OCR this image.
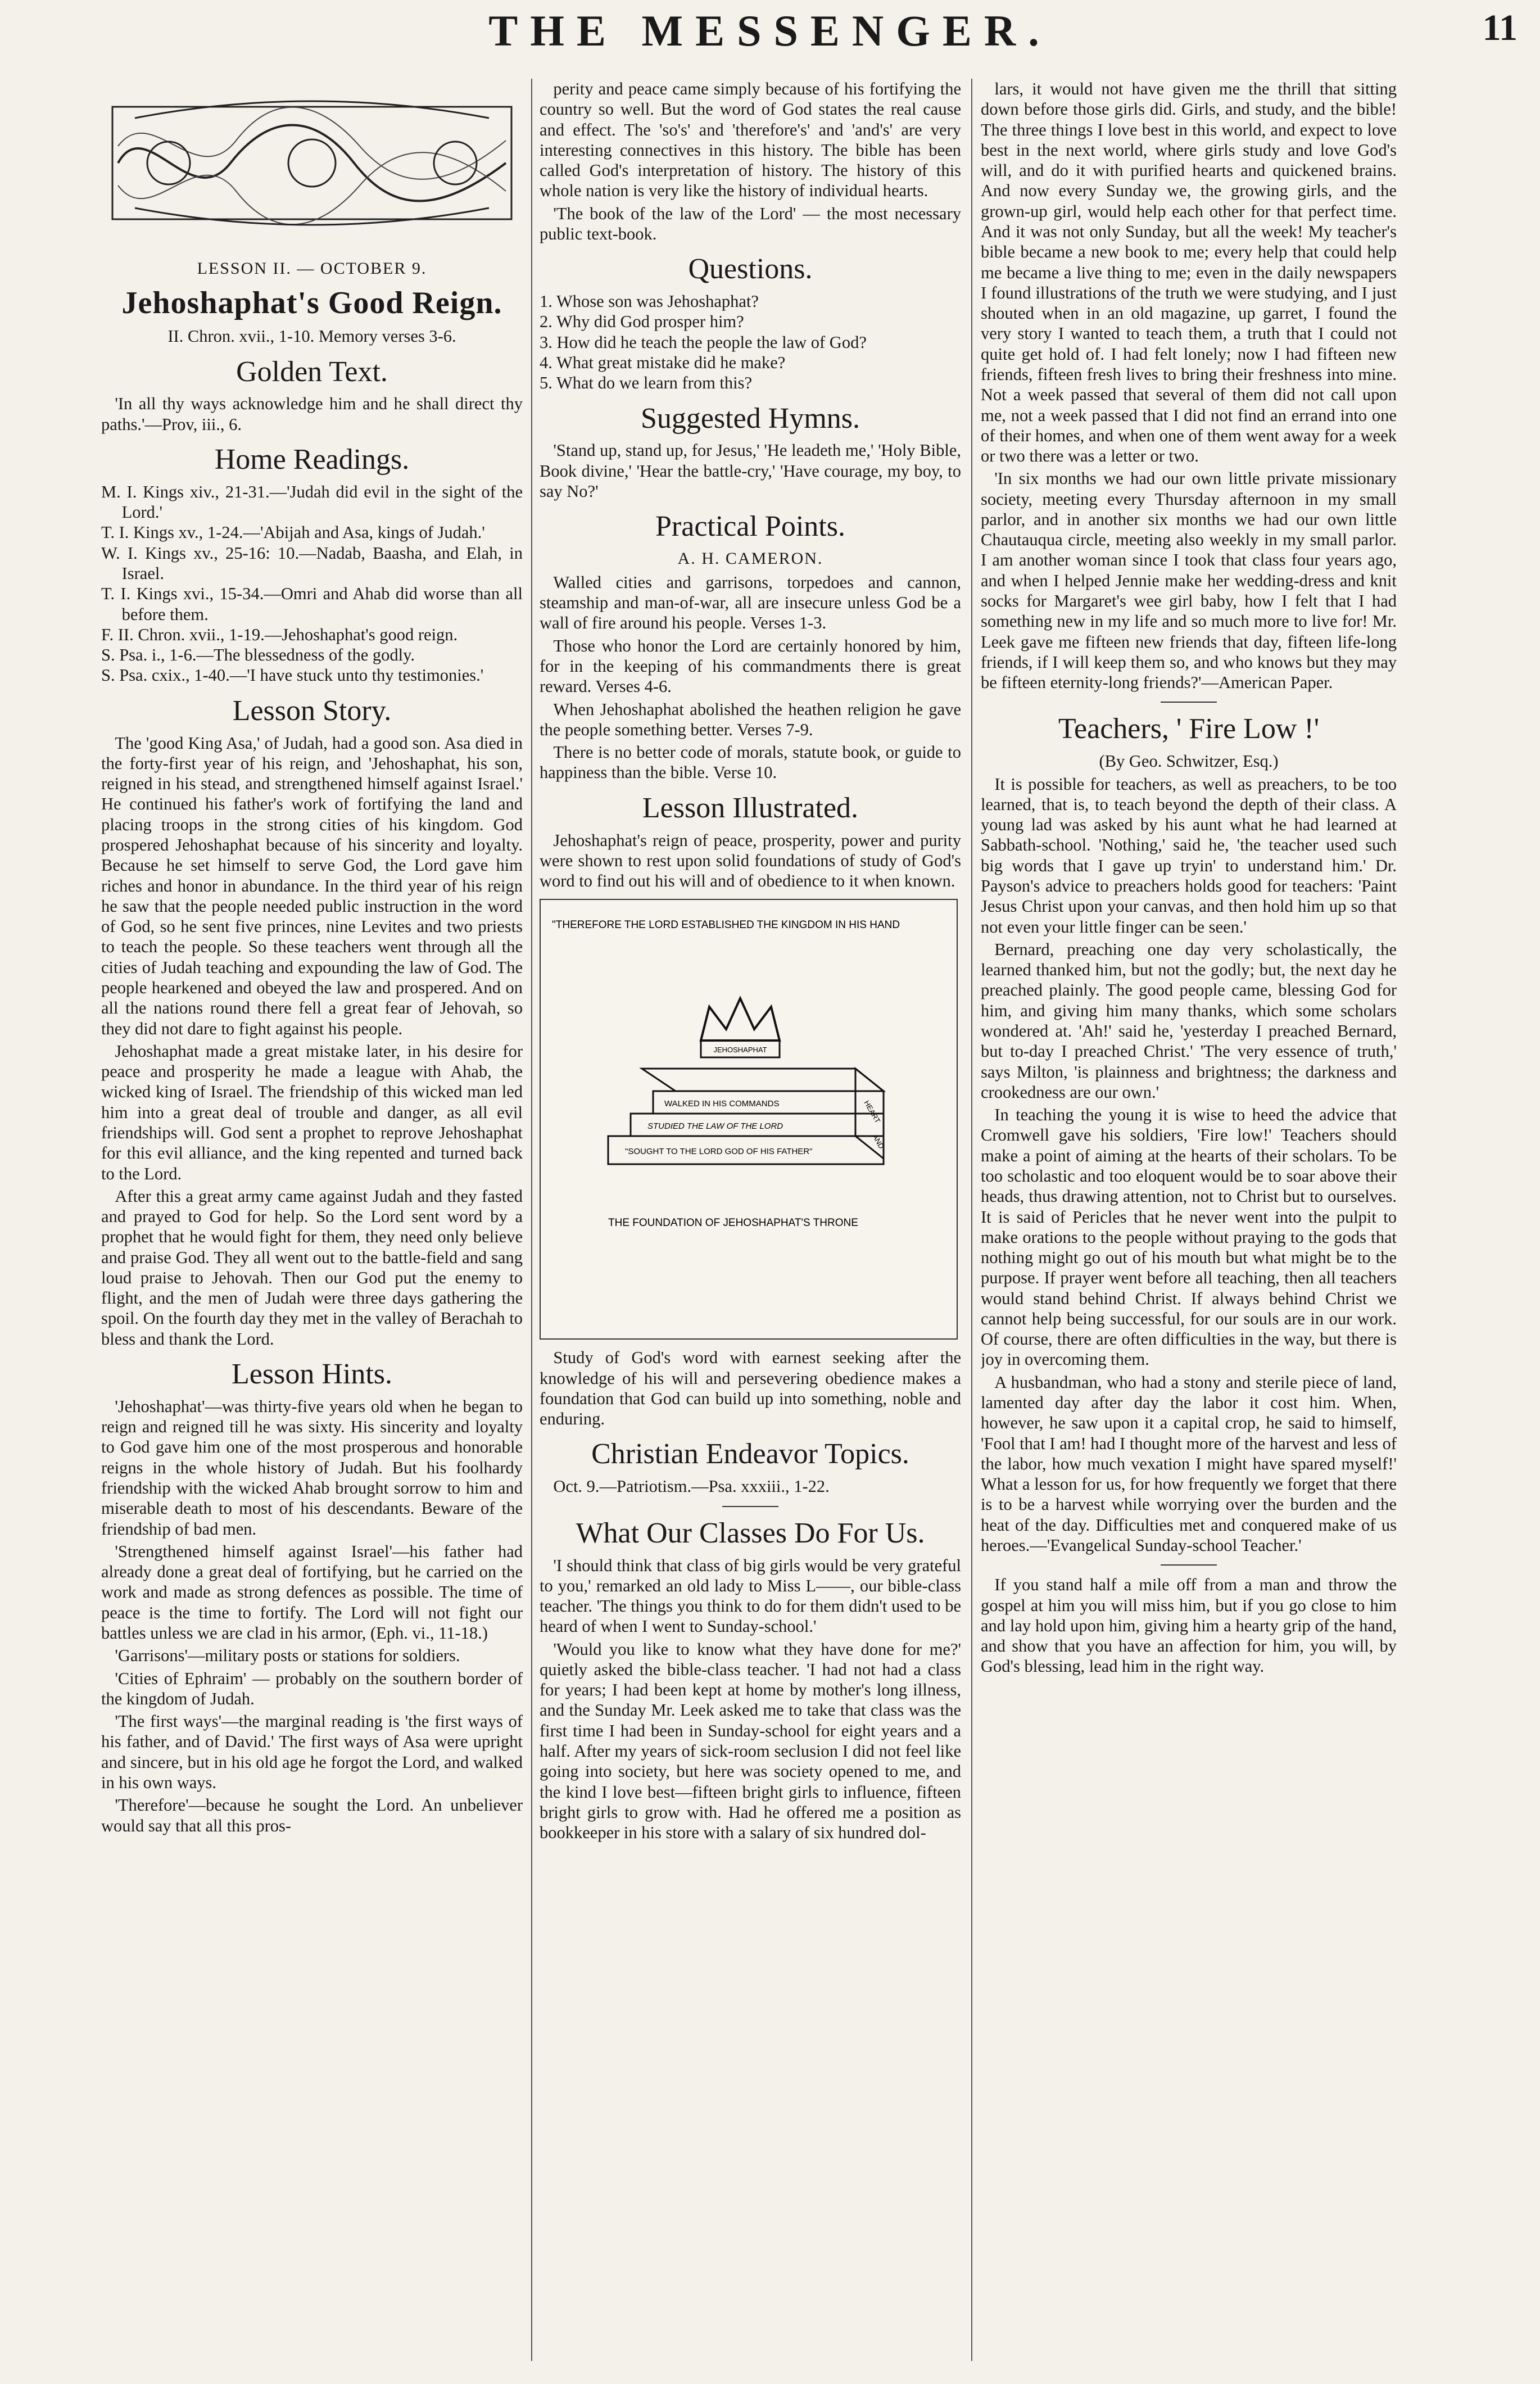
THE MESSENGER.	11
LESSON II. — OCTOBER 9.
Jehoshaphat's Good Reign.

II. Chron. xvii., 1-10. Memory verses 3-6.

Golden Text.

'In all thy ways acknowledge him and he shall direct thy paths.'—Prov, iii., 6.

Home Readings.

M. I. Kings xiv., 21-31.—'Judah did evil in the sight of the Lord.'

T. I. Kings xv., 1-24.—'Abijah and Asa, kings of Judah.'

W. I. Kings xv., 25-16: 10.—Nadab, Baasha, and Elah, in Israel.

T. I. Kings xvi., 15-34.—Omri and Ahab did worse than all before them.

F. II. Chron. xvii., 1-19.—Jehoshaphat's good reign.

S. Psa. i., 1-6.—The blessedness of the godly.

S. Psa. cxix., 1-40.—'I have stuck unto thy testimonies.'

Lesson Story.

The 'good King Asa,' of Judah, had a good son. Asa died in the forty-first year of his reign, and 'Jehoshaphat, his son, reigned in his stead, and strengthened himself against Israel.' He continued his father's work of fortifying the land and placing troops in the strong cities of his kingdom. God prospered Jehoshaphat because of his sincerity and loyalty. Because he set himself to serve God, the Lord gave him riches and honor in abundance. In the third year of his reign he saw that the people needed public instruction in the word of God, so he sent five princes, nine Levites and two priests to teach the people. So these teachers went through all the cities of Judah teaching and expounding the law of God. The people hearkened and obeyed the law and prospered. And on all the nations round there fell a great fear of Jehovah, so they did not dare to fight against his people.

Jehoshaphat made a great mistake later, in his desire for peace and prosperity he made a league with Ahab, the wicked king of Israel. The friendship of this wicked man led him into a great deal of trouble and danger, as all evil friendships will. God sent a prophet to reprove Jehoshaphat for this evil alliance, and the king repented and turned back to the Lord.

After this a great army came against Judah and they fasted and prayed to God for help. So the Lord sent word by a prophet that he would fight for them, they need only believe and praise God. They all went out to the battle-field and sang loud praise to Jehovah. Then our God put the enemy to flight, and the men of Judah were three days gathering the spoil. On the fourth day they met in the valley of Berachah to bless and thank the Lord.

Lesson Hints.

'Jehoshaphat'—was thirty-five years old when he began to reign and reigned till he was sixty. His sincerity and loyalty to God gave him one of the most prosperous and honorable reigns in the whole history of Judah. But his foolhardy friendship with the wicked Ahab brought sorrow to him and miserable death to most of his descendants. Beware of the friendship of bad men.

'Strengthened himself against Israel'—his father had already done a great deal of fortifying, but he carried on the work and made as strong defences as possible. The time of peace is the time to fortify. The Lord will not fight our battles unless we are clad in his armor, (Eph. vi., 11-18.)

'Garrisons'—military posts or stations for soldiers.

'Cities of Ephraim' — probably on the southern border of the kingdom of Judah.

'The first ways'—the marginal reading is 'the first ways of his father, and of David.' The first ways of Asa were upright and sincere, but in his old age he forgot the Lord, and walked in his own ways.

'Therefore'—because he sought the Lord. An unbeliever would say that all this pros-

perity and peace came simply because of his fortifying the country so well. But the word of God states the real cause and effect. The 'so's' and 'therefore's' and 'and's' are very interesting connectives in this history. The bible has been called God's interpretation of history. The history of this whole nation is very like the history of individual hearts.

'The book of the law of the Lord' — the most necessary public text-book.

Questions.

1. Whose son was Jehoshaphat?

2. Why did God prosper him?

3. How did he teach the people the law of God?

4. What great mistake did he make?

5. What do we learn from this?

Suggested Hymns.

'Stand up, stand up, for Jesus,' 'He leadeth me,' 'Holy Bible, Book divine,' 'Hear the battle-cry,' 'Have courage, my boy, to say No?'

Practical Points.
A. H. CAMERON.

Walled cities and garrisons, torpedoes and cannon, steamship and man-of-war, all are insecure unless God be a wall of fire around his people. Verses 1-3.

Those who honor the Lord are certainly honored by him, for in the keeping of his commandments there is great reward. Verses 4-6.

When Jehoshaphat abolished the heathen religion he gave the people something better. Verses 7-9.

There is no better code of morals, statute book, or guide to happiness than the bible. Verse 10.

Lesson Illustrated.

Jehoshaphat's reign of peace, prosperity, power and purity were shown to rest upon solid foundations of study of God's word to find out his will and of obedience to it when known.

"THEREFORE THE LORD ESTABLISHED THE KINGDOM IN HIS HAND
JEHOSHAPHAT
WALKED IN HIS COMMANDS
STUDIED THE LAW OF THE LORD
"SOUGHT TO THE LORD GOD OF HIS FATHER"
HEART
AND
THE FOUNDATION OF JEHOSHAPHAT'S THRONE

Study of God's word with earnest seeking after the knowledge of his will and persevering obedience makes a foundation that God can build up into something, noble and enduring.

Christian Endeavor Topics.

Oct. 9.—Patriotism.—Psa. xxxiii., 1-22.

What Our Classes Do For Us.

'I should think that class of big girls would be very grateful to you,' remarked an old lady to Miss L——, our bible-class teacher. 'The things you think to do for them didn't used to be heard of when I went to Sunday-school.'

'Would you like to know what they have done for me?' quietly asked the bible-class teacher. 'I had not had a class for years; I had been kept at home by mother's long illness, and the Sunday Mr. Leek asked me to take that class was the first time I had been in Sunday-school for eight years and a half. After my years of sick-room seclusion I did not feel like going into society, but here was society opened to me, and the kind I love best—fifteen bright girls to influence, fifteen bright girls to grow with. Had he offered me a position as bookkeeper in his store with a salary of six hundred dol-

lars, it would not have given me the thrill that sitting down before those girls did. Girls, and study, and the bible! The three things I love best in this world, and expect to love best in the next world, where girls study and love God's will, and do it with purified hearts and quickened brains. And now every Sunday we, the growing girls, and the grown-up girl, would help each other for that perfect time. And it was not only Sunday, but all the week! My teacher's bible became a new book to me; every help that could help me became a live thing to me; even in the daily newspapers I found illustrations of the truth we were studying, and I just shouted when in an old magazine, up garret, I found the very story I wanted to teach them, a truth that I could not quite get hold of. I had felt lonely; now I had fifteen new friends, fifteen fresh lives to bring their freshness into mine. Not a week passed that several of them did not call upon me, not a week passed that I did not find an errand into one of their homes, and when one of them went away for a week or two there was a letter or two.

'In six months we had our own little private missionary society, meeting every Thursday afternoon in my small parlor, and in another six months we had our own little Chautauqua circle, meeting also weekly in my small parlor. I am another woman since I took that class four years ago, and when I helped Jennie make her wedding-dress and knit socks for Margaret's wee girl baby, how I felt that I had something new in my life and so much more to live for! Mr. Leek gave me fifteen new friends that day, fifteen life-long friends, if I will keep them so, and who knows but they may be fifteen eternity-long friends?'—American Paper.

Teachers, ' Fire Low !'

(By Geo. Schwitzer, Esq.)

It is possible for teachers, as well as preachers, to be too learned, that is, to teach beyond the depth of their class. A young lad was asked by his aunt what he had learned at Sabbath-school. 'Nothing,' said he, 'the teacher used such big words that I gave up tryin' to understand him.' Dr. Payson's advice to preachers holds good for teachers: 'Paint Jesus Christ upon your canvas, and then hold him up so that not even your little finger can be seen.'

Bernard, preaching one day very scholastically, the learned thanked him, but not the godly; but, the next day he preached plainly. The good people came, blessing God for him, and giving him many thanks, which some scholars wondered at. 'Ah!' said he, 'yesterday I preached Bernard, but to-day I preached Christ.' 'The very essence of truth,' says Milton, 'is plainness and brightness; the darkness and crookedness are our own.'

In teaching the young it is wise to heed the advice that Cromwell gave his soldiers, 'Fire low!' Teachers should make a point of aiming at the hearts of their scholars. To be too scholastic and too eloquent would be to soar above their heads, thus drawing attention, not to Christ but to ourselves. It is said of Pericles that he never went into the pulpit to make orations to the people without praying to the gods that nothing might go out of his mouth but what might be to the purpose. If prayer went before all teaching, then all teachers would stand behind Christ. If always behind Christ we cannot help being successful, for our souls are in our work. Of course, there are often difficulties in the way, but there is joy in overcoming them.

A husbandman, who had a stony and sterile piece of land, lamented day after day the labor it cost him. When, however, he saw upon it a capital crop, he said to himself, 'Fool that I am! had I thought more of the harvest and less of the labor, how much vexation I might have spared myself!' What a lesson for us, for how frequently we forget that there is to be a harvest while worrying over the burden and the heat of the day. Difficulties met and conquered make of us heroes.—'Evangelical Sunday-school Teacher.'

If you stand half a mile off from a man and throw the gospel at him you will miss him, but if you go close to him and lay hold upon him, giving him a hearty grip of the hand, and show that you have an affection for him, you will, by God's blessing, lead him in the right way.
